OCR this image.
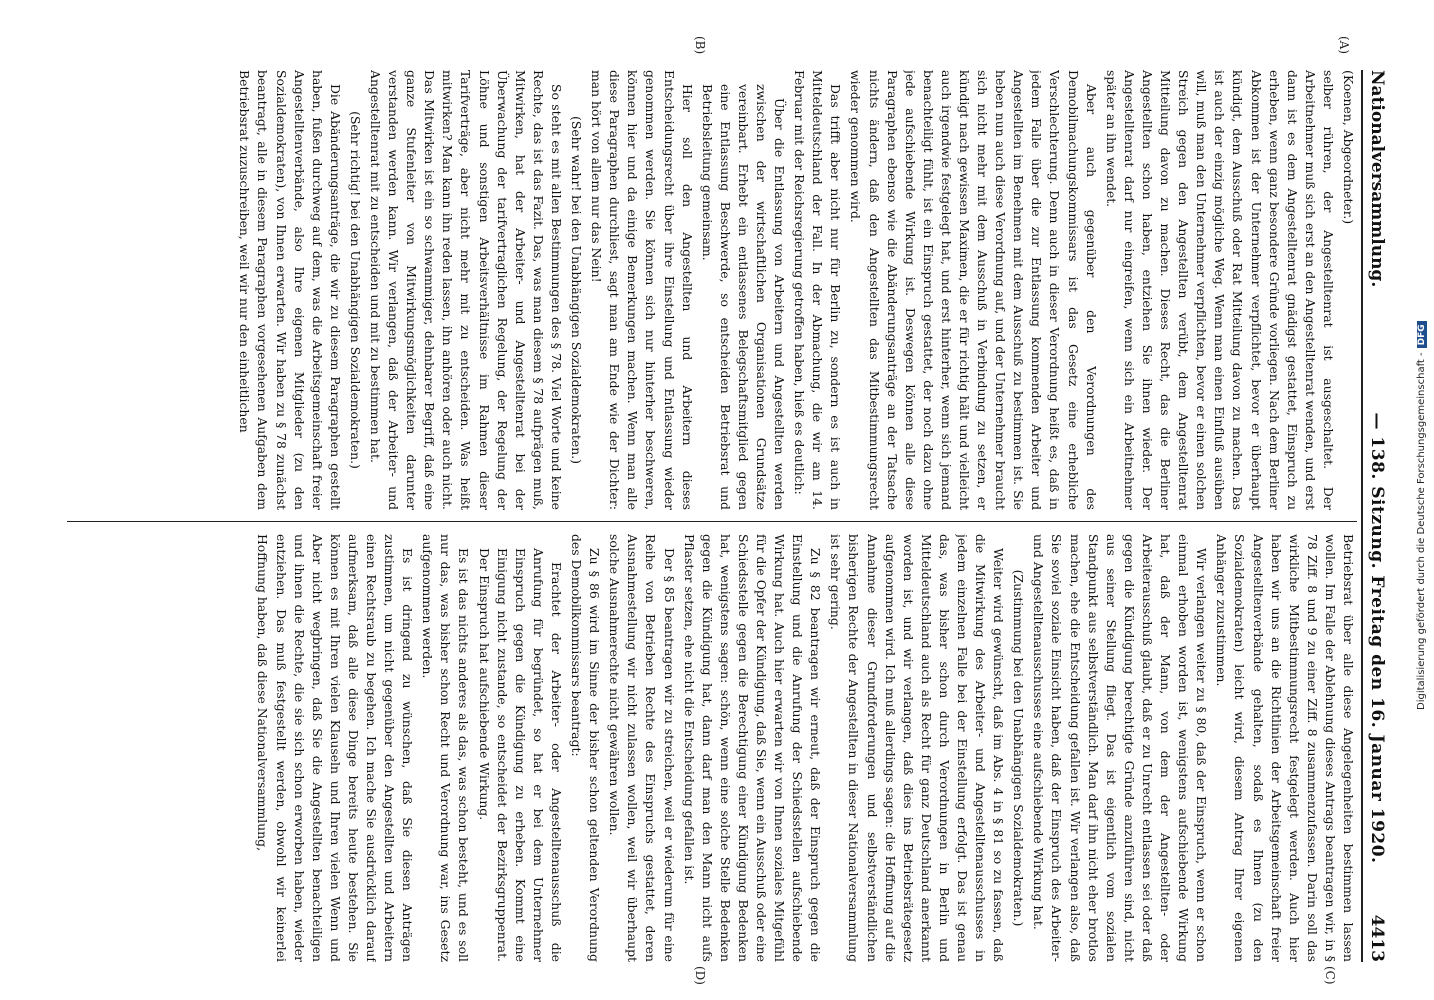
Nationalversammlung.
— 138. Sitzung. Freitag den 16. Januar 1920.
4413
(A)
(B)

(Koenen, Abgeordneter.)

selber rühren, der Angestelltenrat ist ausgeschaltet. Der Arbeitnehmer muß sich erst an den Angestelltenrat wenden, und erst dann ist es dem Angestelltenrat gnädigst gestattet, Einspruch zu erheben, wenn ganz besondere Gründe vorliegen. Nach dem Berliner Abkommen ist der Unternehmer verpflichtet, bevor er überhaupt kündigt, dem Ausschuß oder Rat Mitteilung davon zu machen. Das ist auch der einzig mögliche Weg. Wenn man einen Einfluß ausüben will, muß man den Unternehmer verpflichten, bevor er einen solchen Streich gegen den Angestellten verübt, dem Angestelltenrat Mitteilung davon zu machen. Dieses Recht, das die Berliner Angestellten schon haben, entziehen Sie ihnen wieder. Der Angestelltenrat darf nur eingreifen, wenn sich ein Arbeitnehmer später an ihn wendet.

Aber auch gegenüber den Verordnungen des Demobilmachungskommissars ist das Gesetz eine erhebliche Verschlechterung. Denn auch in dieser Verordnung heißt es, daß in jedem Falle über die zur Entlassung kommenden Arbeiter und Angestellten im Benehmen mit dem Ausschuß zu bestimmen ist. Sie heben nun auch diese Verordnung auf, und der Unternehmer braucht sich nicht mehr mit dem Ausschuß in Verbindung zu setzen, er kündigt nach gewissen Maximen, die er für richtig hält und vielleicht auch irgendwie festgelegt hat, und erst hinterher, wenn sich jemand benachteiligt fühlt, ist ein Einspruch gestattet, der noch dazu ohne jede aufschiebende Wirkung ist. Deswegen können alle diese Paragraphen ebenso wie die Abänderungsanträge an der Tatsache nichts ändern, daß den Angestellten das Mitbestimmungsrecht wieder genommen wird.

Das trifft aber nicht nur für Berlin zu, sondern es ist auch in Mitteldeutschland der Fall. In der Abmachung, die wir am 14. Februar mit der Reichsregierung getroffen haben, hieß es deutlich:

Über die Entlassung von Arbeitern und Angestellten werden zwischen der wirtschaftlichen Organisationen Grundsätze vereinbart. Erhebt ein entlassenes Belegschaftsmitglied gegen eine Entlassung Beschwerde, so entscheiden Betriebsrat und Betriebsleitung gemeinsam.

Hier soll den Angestellten und Arbeitern dieses Entscheidungsrecht über ihre Einstellung und Entlassung wieder genommen werden. Sie können sich nur hinterher beschweren, können hier und da einige Bemerkungen machen. Wenn man alle diese Paragraphen durchliest, sagt man am Ende wie der Dichter: man hört von allem nur das Nein!

(Sehr wahr! bei den Unabhängigen Sozialdemokraten.)

So steht es mit allen Bestimmungen des § 78. Viel Worte und keine Rechte, das ist das Fazit. Das, was man diesem § 78 aufprägen muß, Mitwirken, hat der Arbeiter- und Angestelltenrat bei der Überwachung der tarifvertraglichen Regelung, der Regelung der Löhne und sonstigen Arbeitsverhältnisse im Rahmen dieser Tarifverträge, aber nicht mehr mit zu entscheiden. Was heißt mitwirken? Man kann ihn reden lassen, ihn anhören oder auch nicht. Das Mitwirken ist ein so schwammiger, dehnbarer Begriff, daß eine ganze Stufenleiter von Mitwirkungsmöglichkeiten darunter verstanden werden kann. Wir verlangen, daß der Arbeiter- und Angestelltenrat mit zu entscheiden und mit zu bestimmen hat.

(Sehr richtig! bei den Unabhängigen Sozialdemokraten.)

Die Abänderungsanträge, die wir zu diesem Paragraphen gestellt haben, fußen durchweg auf dem, was die Arbeitsgemeinschaft freier Angestelltenverbände, also Ihre eigenen Mitglieder (zu den Sozialdemokraten), von Ihnen erwarten. Wir haben zu § 78 zunächst beantragt, alle in diesem Paragraphen vorgesehenen Aufgaben dem Betriebsrat zuzuschreiben, weil wir nur den einheitlichen

Betriebsrat über alle diese Angelegenheiten bestimmen lassen wollen. Im Falle der Ablehnung dieses Antrags beantragen wir, in § 78 Ziff. 8 und 9 zu einer Ziff. 8 zusammenzufassen. Darin soll das wirkliche Mitbestimmungsrecht festgelegt werden. Auch hier haben wir uns an die Richtlinien der Arbeitsgemeinschaft freier Angestelltenverbände gehalten, sodaß es Ihnen (zu den Sozialdemokraten) leicht wird, diesem Antrag Ihrer eigenen Anhänger zuzustimmen.

Wir verlangen weiter zu § 80, daß der Einspruch, wenn er schon einmal erhoben worden ist, wenigstens aufschiebende Wirkung hat, daß der Mann, von dem der Angestellten- oder Arbeiterausschuß glaubt, daß er zu Unrecht entlassen sei oder daß gegen die Kündigung berechtigte Gründe anzuführen sind, nicht aus seiner Stellung fliegt. Das ist eigentlich vom sozialen Standpunkt aus selbstverständlich. Man darf ihn nicht eher brotlos machen, ehe die Entscheidung gefallen ist. Wir verlangen also, daß Sie soviel soziale Einsicht haben, daß der Einspruch des Arbeiter- und Angestelltenausschusses eine aufschiebende Wirkung hat.

(Zustimmung bei den Unabhängigen Sozialdemokraten.)

Weiter wird gewünscht, daß im Abs. 4 in § 81 so zu fassen, daß die Mitwirkung des Arbeiter- und Angestelltenausschusses in jedem einzelnen Falle bei der Einstellung erfolgt. Das ist genau das, was bisher schon durch Verordnungen in Berlin und Mitteldeutschland auch als Recht für ganz Deutschland anerkannt worden ist, und wir verlangen, daß dies ins Betriebsrätegesetz aufgenommen wird. Ich muß allerdings sagen: die Hoffnung auf die Annahme dieser Grundforderungen und selbstverständlichen bisherigen Rechte der Angestellten in dieser Nationalversammlung ist sehr gering.

Zu § 82 beantragen wir erneut, daß der Einspruch gegen die Einstellung und die Anrufung der Schiedsstellen aufschiebende Wirkung hat. Auch hier erwarten wir von Ihnen soziales Mitgefühl für die Opfer der Kündigung, daß Sie, wenn ein Ausschuß oder eine Schiedsstelle gegen die Berechtigung einer Kündigung Bedenken hat, wenigstens sagen: schön, wenn eine solche Stelle Bedenken gegen die Kündigung hat, dann darf man den Mann nicht aufs Pflaster setzen, ehe nicht die Entscheidung gefallen ist.

Der § 85 beantragen wir zu streichen, weil er wiederum für eine Reihe von Betrieben Rechte des Einspruchs gestattet, deren Ausnahmestellung wir nicht zulassen wollen, weil wir überhaupt solche Ausnahmerechte nicht gewähren wollen.

Zu § 86 wird im Sinne der bisher schon geltenden Verordnung des Demobilkommissars beantragt:

Erachtet der Arbeiter- oder Angestelltenausschuß die Anrufung für begründet, so hat er bei dem Unternehmer Einspruch gegen die Kündigung zu erheben. Kommt eine Einigung nicht zustande, so entscheidet der Bezirksgruppenrat. Der Einspruch hat aufschiebende Wirkung.

Es ist das nichts anderes als das, was schon besteht, und es soll nur das, was bisher schon Recht und Verordnung war, ins Gesetz aufgenommen werden.

Es ist dringend zu wünschen, daß Sie diesen Anträgen zustimmen, um nicht gegenüber den Angestellten und Arbeitern einen Rechtsraub zu begehen. Ich mache Sie ausdrücklich darauf aufmerksam, daß alle diese Dinge bereits heute bestehen. Sie können es mit Ihren vielen Klauseln und Ihren vielen Wenn und Aber nicht wegbringen, daß Sie die Angestellten benachteiligen und ihnen die Rechte, die sie sich schon erworben haben, wieder entziehen. Das muß festgestellt werden, obwohl wir keinerlei Hoffnung haben, daß diese Nationalversammlung,

(C)
(D)
Digitalisierung gefördert durch die Deutsche Forschungsgemeinschaft -DFG
